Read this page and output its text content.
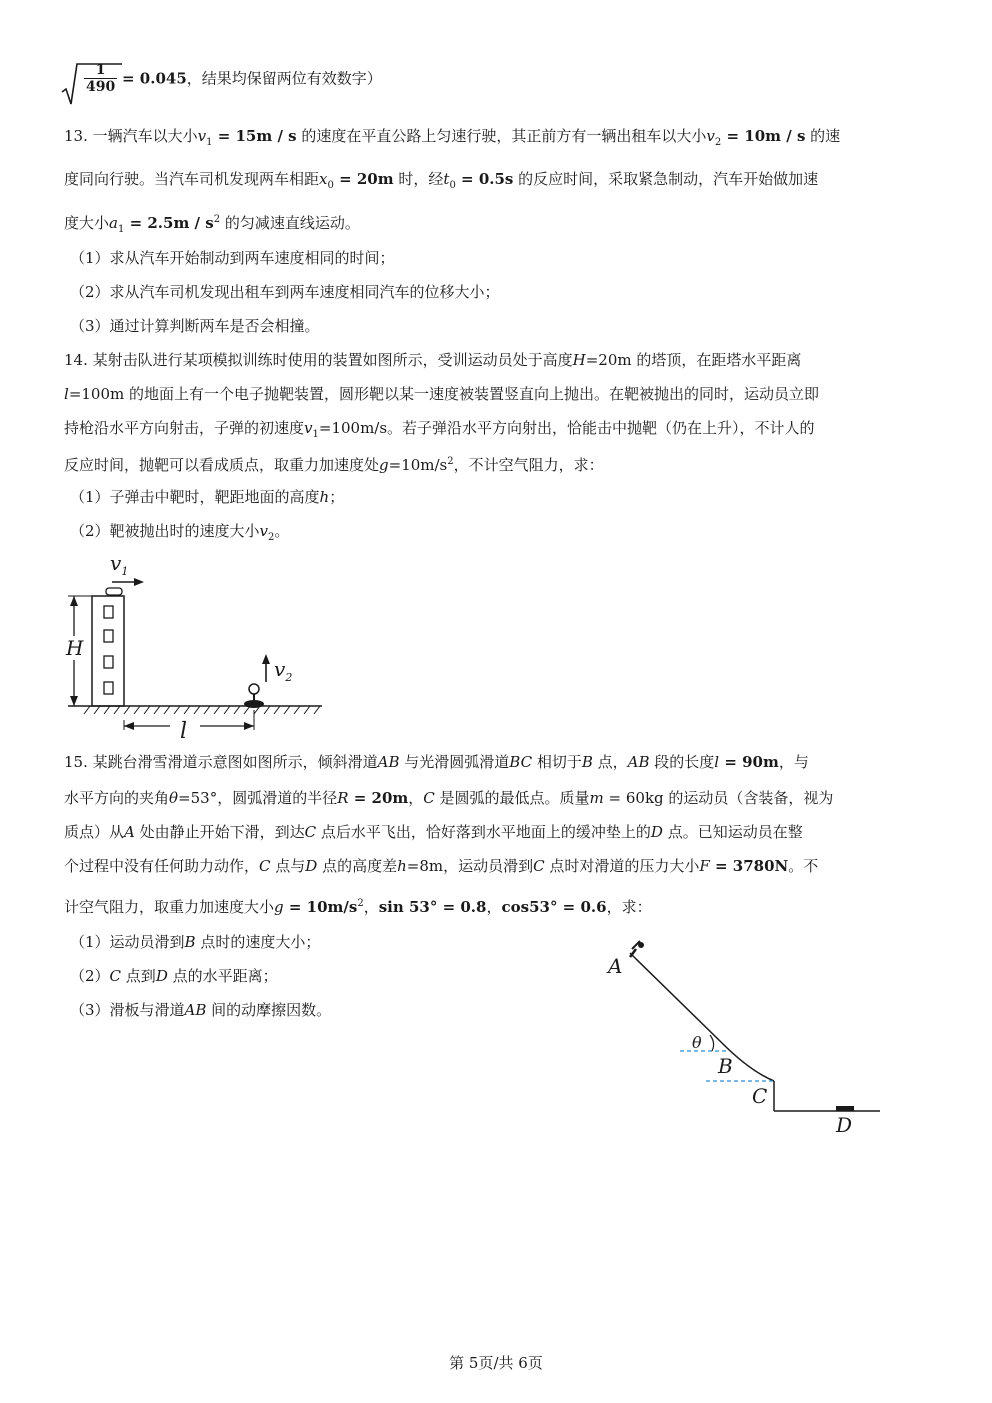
$\frac{1}{490} = 0.045$，结果均保留两位有效数字）
13. 一辆汽车以大小$v_1 = 15m / s$ 的速度在平直公路上匀速行驶，其正前方有一辆出租车以大小$v_2 = 10m / s$ 的速
度同向行驶。当汽车司机发现两车相距$x_0 = 20m$ 时，经$t_0 = 0.5s$ 的反应时间，采取紧急制动，汽车开始做加速
度大小$a_1 = 2.5m / s^2$ 的匀减速直线运动。
（1）求从汽车开始制动到两车速度相同的时间；
（2）求从汽车司机发现出租车到两车速度相同汽车的位移大小；
（3）通过计算判断两车是否会相撞。
14. 某射击队进行某项模拟训练时使用的装置如图所示，受训运动员处于高度H=20m 的塔顶，在距塔水平距离
l=100m 的地面上有一个电子抛靶装置，圆形靶以某一速度被装置竖直向上抛出。在靶被抛出的同时，运动员立即
持枪沿水平方向射击，子弹的初速度$v_1=100m/s$。若子弹沿水平方向射出，恰能击中抛靶（仍在上升），不计人的
反应时间，抛靶可以看成质点，取重力加速度处$g=10m/s^2$，不计空气阻力，求：
（1）子弹击中靶时，靶距地面的高度h；
（2）靶被抛出时的速度大小$v_2$。
$v_1$
H
$v_2$
l
15. 某跳台滑雪滑道示意图如图所示，倾斜滑道AB 与光滑圆弧滑道BC 相切于B 点，AB 段的长度l = 90m，与
水平方向的夹角θ=53°，圆弧滑道的半径R = 20m，C 是圆弧的最低点。质量m = 60kg 的运动员（含装备，视为
质点）从A 处由静止开始下滑，到达C 点后水平飞出，恰好落到水平地面上的缓冲垫上的D 点。已知运动员在整
个过程中没有任何助力动作，C 点与D 点的高度差h=8m，运动员滑到C 点时对滑道的压力大小F = 3780N。不
计空气阻力，取重力加速度大小$g = 10m/s^2$，sin 53° = 0.8，cos53° = 0.6，求：
（1）运动员滑到B 点时的速度大小；
（2）C 点到D 点的水平距离；
（3）滑板与滑道AB 间的动摩擦因数。
A
θ
B
C
D
第 5页/共 6页
